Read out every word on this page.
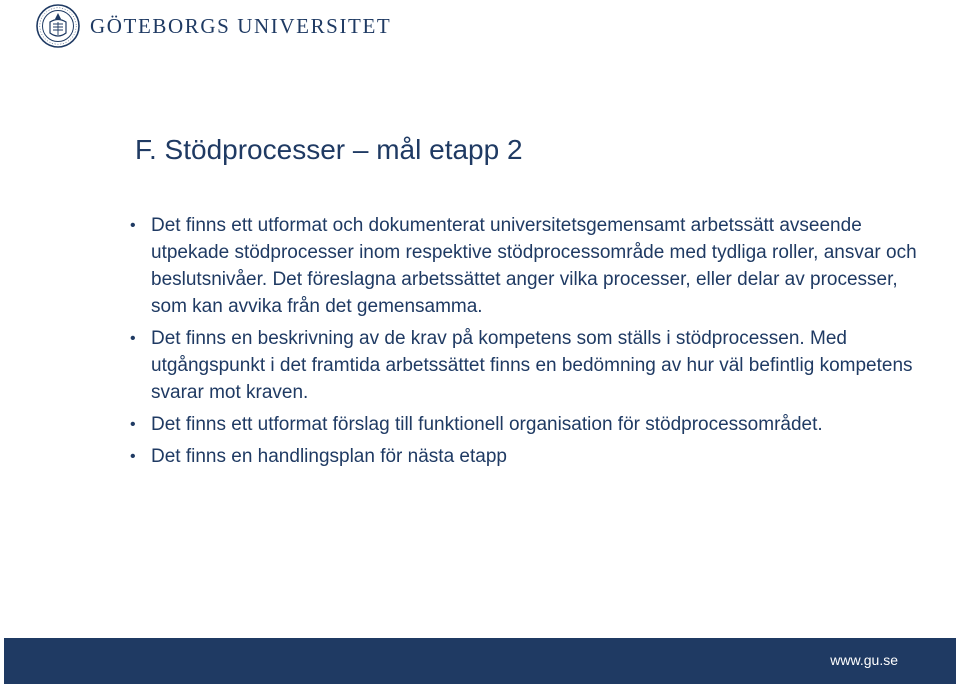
GÖTEBORGS UNIVERSITET
F. Stödprocesser – mål etapp 2
• Det finns ett utformat och dokumenterat universitetsgemensamt arbetssätt avseende utpekade stödprocesser inom respektive stödprocessområde med tydliga roller, ansvar och beslutsnivåer. Det föreslagna arbetssättet anger vilka processer, eller delar av processer, som kan avvika från det gemensamma.
• Det finns en beskrivning av de krav på kompetens som ställs i stödprocessen. Med utgångspunkt i det framtida arbetssättet finns en bedömning av hur väl befintlig kompetens svarar mot kraven.
• Det finns ett utformat förslag till funktionell organisation för stödprocessområdet.
• Det finns en handlingsplan för nästa etapp
www.gu.se
